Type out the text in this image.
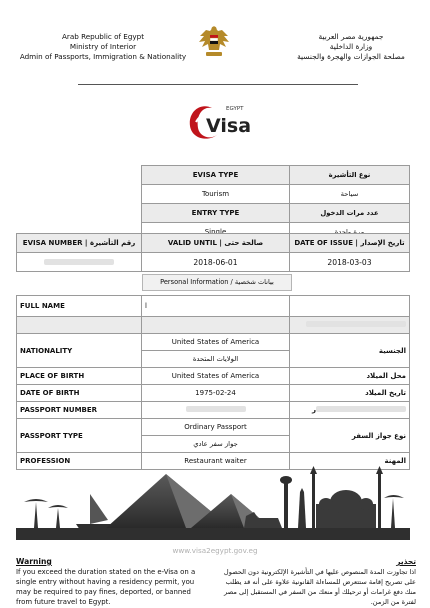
Arab Republic of Egypt
Ministry of Interior
Admin of Passports, Immigration & Nationality
جمهورية مصر العربية
وزارة الداخلية
مصلحة الجوازات والهجرة والجنسية
EGYPT
Visa
EVISA TYPE	نوع التأشيرة
Tourism	سياحة
ENTRY TYPE	عدد مرات الدخول
Single	مرة واحدة
EVISA NUMBER | رقم التأشيرة	VALID UNTIL | صالحة حتى	DATE OF ISSUE | تاريخ الإصدار
	2018-06-01	2018-03-03
Personal Information / بيانات شخصية
FULL NAME	ا	

NATIONALITY	United States of America	الجنسية
	الولايات المتحدة	
PLACE OF BIRTH	United States of America	محل الميلاد
DATE OF BIRTH	1975-02-24	تاريخ الميلاد
PASSPORT NUMBER		ر
PASSPORT TYPE	Ordinary Passport	نوع جواز السفر
	جواز سفر عادي	
PROFESSION	Restaurant waiter	المهنة
www.visa2egypt.gov.eg
Warning
If you exceed the duration stated on the e-Visa on a single entry without having a residency permit, you may be required to pay fines, deported, or banned from future travel to Egypt.
تحذير
اذا تجاوزت المدة المنصوص عليها في التأشيرة الإلكترونية دون الحصول على تصريح إقامة ستتعرض للمساءلة القانونية علاوة على أنه قد يطلب منك دفع غرامات أو ترحيلك أو منعك من السفر في المستقبل إلى مصر لفترة من الزمن.
